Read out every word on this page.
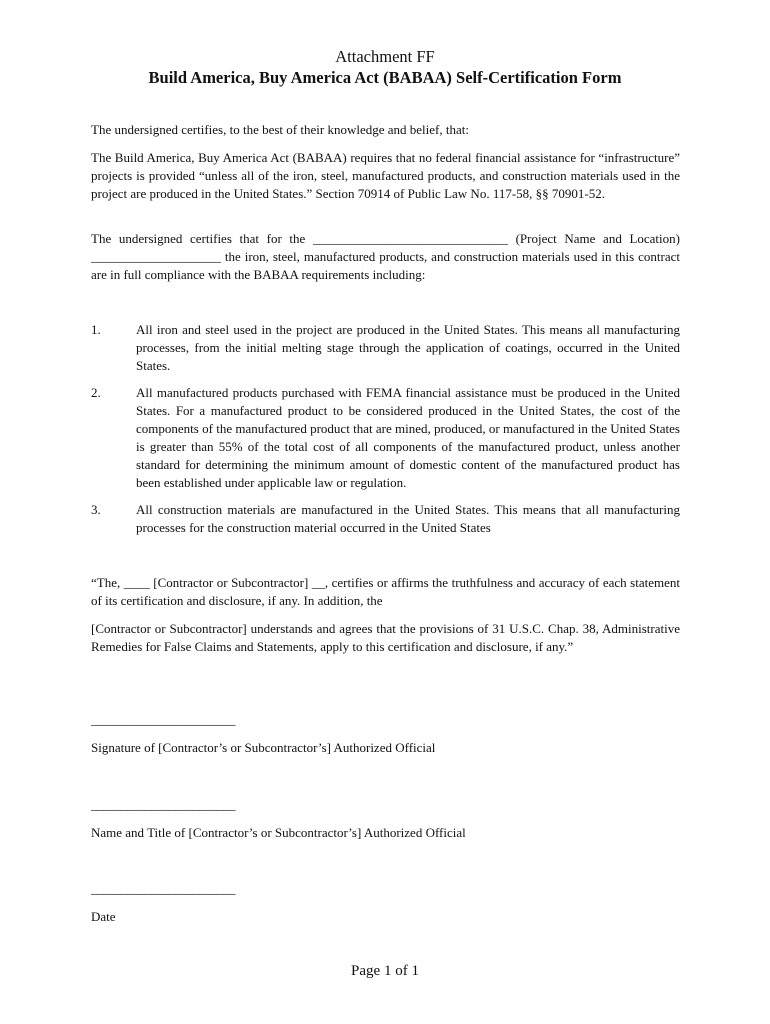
Attachment FF
Build America, Buy America Act (BABAA) Self-Certification Form

The undersigned certifies, to the best of their knowledge and belief, that:

The Build America, Buy America Act (BABAA) requires that no federal financial assistance for “infrastructure” projects is provided “unless all of the iron, steel, manufactured products, and construction materials used in the project are produced in the United States.” Section 70914 of Public Law No. 117-58, §§ 70901-52.

The undersigned certifies that for the ______________________________ (Project Name and Location) ____________________ the iron, steel, manufactured products, and construction materials used in this contract are in full compliance with the BABAA requirements including:

1.	All iron and steel used in the project are produced in the United States. This means all manufacturing processes, from the initial melting stage through the application of coatings, occurred in the United States.
2.	All manufactured products purchased with FEMA financial assistance must be produced in the United States. For a manufactured product to be considered produced in the United States, the cost of the components of the manufactured product that are mined, produced, or manufactured in the United States is greater than 55% of the total cost of all components of the manufactured product, unless another standard for determining the minimum amount of domestic content of the manufactured product has been established under applicable law or regulation.
3.	All construction materials are manufactured in the United States. This means that all manufacturing processes for the construction material occurred in the United States

“The, ____ [Contractor or Subcontractor] __, certifies or affirms the truthfulness and accuracy of each statement of its certification and disclosure, if any. In addition, the

[Contractor or Subcontractor] understands and agrees that the provisions of 31 U.S.C. Chap. 38, Administrative Remedies for False Claims and Statements, apply to this certification and disclosure, if any.”

________________________
Signature of [Contractor’s or Subcontractor’s] Authorized Official
________________________
Name and Title of [Contractor’s or Subcontractor’s] Authorized Official
________________________
Date
Page 1 of 1
